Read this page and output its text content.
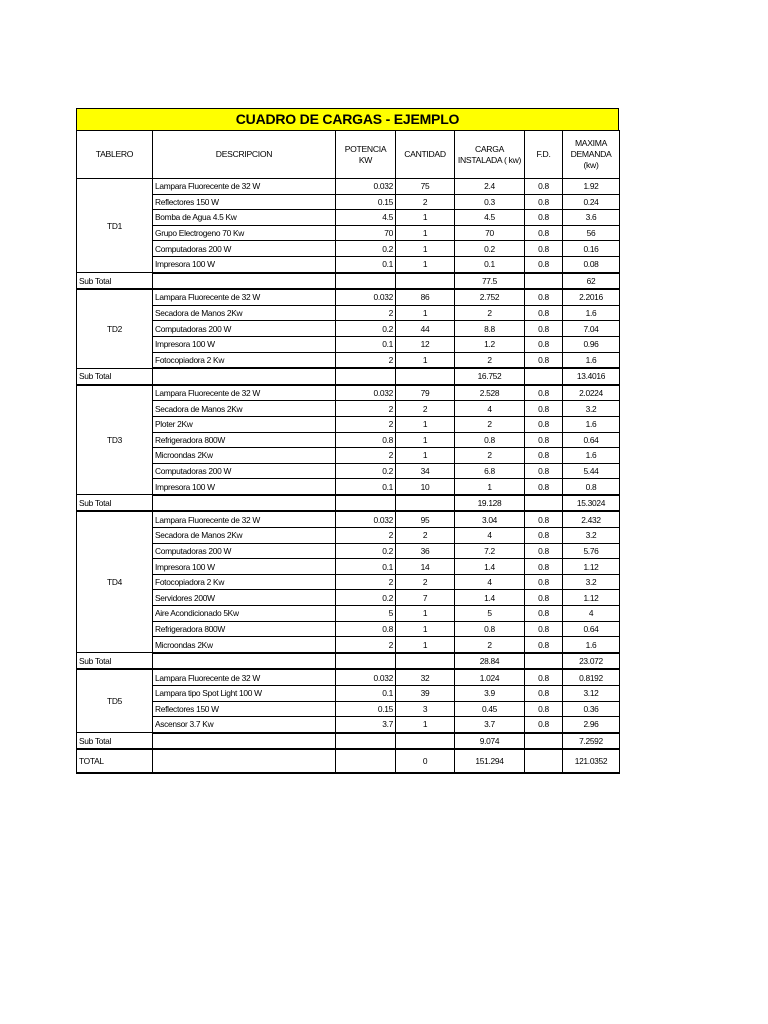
CUADRO DE CARGAS - EJEMPLO
TABLERO	DESCRIPCION	POTENCIA KW	CANTIDAD	CARGA INSTALADA ( kw)	F.D.	MAXIMA DEMANDA (kw)
TD1	Lampara Fluorecente de 32 W	0.032	75	2.4	0.8	1.92
	Reflectores 150 W	0.15	2	0.3	0.8	0.24
	Bomba de Agua 4.5 Kw	4.5	1	4.5	0.8	3.6
	Grupo Electrogeno 70 Kw	70	1	70	0.8	56
	Computadoras 200 W	0.2	1	0.2	0.8	0.16
	Impresora 100 W	0.1	1	0.1	0.8	0.08
Sub Total				77.5		62
TD2	Lampara Fluorecente de 32 W	0.032	86	2.752	0.8	2.2016
	Secadora de Manos 2Kw	2	1	2	0.8	1.6
	Computadoras 200 W	0.2	44	8.8	0.8	7.04
	Impresora 100 W	0.1	12	1.2	0.8	0.96
	Fotocopiadora 2 Kw	2	1	2	0.8	1.6
Sub Total				16.752		13.4016
TD3	Lampara Fluorecente de 32 W	0.032	79	2.528	0.8	2.0224
	Secadora de Manos 2Kw	2	2	4	0.8	3.2
	Ploter 2Kw	2	1	2	0.8	1.6
	Refrigeradora 800W	0.8	1	0.8	0.8	0.64
	Microondas 2Kw	2	1	2	0.8	1.6
	Computadoras 200 W	0.2	34	6.8	0.8	5.44
	Impresora 100 W	0.1	10	1	0.8	0.8
Sub Total				19.128		15.3024
TD4	Lampara Fluorecente de 32 W	0.032	95	3.04	0.8	2.432
	Secadora de Manos 2Kw	2	2	4	0.8	3.2
	Computadoras 200 W	0.2	36	7.2	0.8	5.76
	Impresora 100 W	0.1	14	1.4	0.8	1.12
	Fotocopiadora 2 Kw	2	2	4	0.8	3.2
	Servidores 200W	0.2	7	1.4	0.8	1.12
	Aire Acondicionado 5Kw	5	1	5	0.8	4
	Refrigeradora 800W	0.8	1	0.8	0.8	0.64
	Microondas 2Kw	2	1	2	0.8	1.6
Sub Total				28.84		23.072
TD5	Lampara Fluorecente de 32 W	0.032	32	1.024	0.8	0.8192
	Lampara tipo Spot Light 100 W	0.1	39	3.9	0.8	3.12
	Reflectores 150 W	0.15	3	0.45	0.8	0.36
	Ascensor 3.7 Kw	3.7	1	3.7	0.8	2.96
Sub Total				9.074		7.2592
TOTAL			0	151.294		121.0352
